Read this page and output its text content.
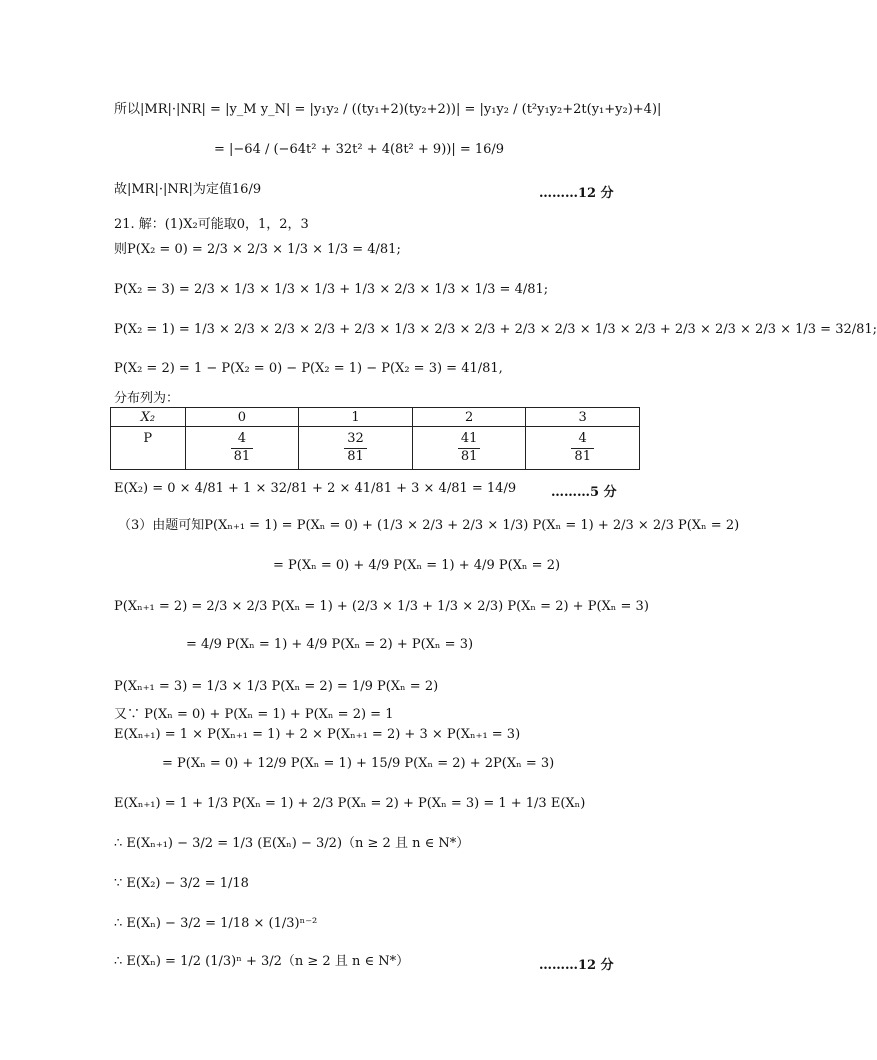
所以|MR|·|NR| = |y_M y_N| = |y₁y₂ / ((ty₁+2)(ty₂+2))| = |y₁y₂ / (t²y₁y₂+2t(y₁+y₂)+4)|
= |−64 / (−64t² + 32t² + 4(8t² + 9))| = 16/9
故|MR|·|NR|为定值16/9	………12 分
21. 解：(1)X₂可能取0，1，2，3
则P(X₂ = 0) = 2/3 × 2/3 × 1/3 × 1/3 = 4/81;
P(X₂ = 3) = 2/3 × 1/3 × 1/3 × 1/3 + 1/3 × 2/3 × 1/3 × 1/3 = 4/81;
P(X₂ = 1) = 1/3 × 2/3 × 2/3 × 2/3 + 2/3 × 1/3 × 2/3 × 2/3 + 2/3 × 2/3 × 1/3 × 2/3 + 2/3 × 2/3 × 2/3 × 1/3 = 32/81;
P(X₂ = 2) = 1 − P(X₂ = 0) − P(X₂ = 1) − P(X₂ = 3) = 41/81,
分布列为：
X₂	0	1	2	3
P	$\frac{4}{81}$	$\frac{32}{81}$	$\frac{41}{81}$	$\frac{4}{81}$
E(X₂) = 0 × 4/81 + 1 × 32/81 + 2 × 41/81 + 3 × 4/81 = 14/9	………5 分
（3）由题可知P(Xₙ₊₁ = 1) = P(Xₙ = 0) + (1/3 × 2/3 + 2/3 × 1/3) P(Xₙ = 1) + 2/3 × 2/3 P(Xₙ = 2)
= P(Xₙ = 0) + 4/9 P(Xₙ = 1) + 4/9 P(Xₙ = 2)
P(Xₙ₊₁ = 2) = 2/3 × 2/3 P(Xₙ = 1) + (2/3 × 1/3 + 1/3 × 2/3) P(Xₙ = 2) + P(Xₙ = 3)
= 4/9 P(Xₙ = 1) + 4/9 P(Xₙ = 2) + P(Xₙ = 3)
P(Xₙ₊₁ = 3) = 1/3 × 1/3 P(Xₙ = 2) = 1/9 P(Xₙ = 2)
又∵ P(Xₙ = 0) + P(Xₙ = 1) + P(Xₙ = 2) = 1
E(Xₙ₊₁) = 1 × P(Xₙ₊₁ = 1) + 2 × P(Xₙ₊₁ = 2) + 3 × P(Xₙ₊₁ = 3)
= P(Xₙ = 0) + 12/9 P(Xₙ = 1) + 15/9 P(Xₙ = 2) + 2P(Xₙ = 3)
E(Xₙ₊₁) = 1 + 1/3 P(Xₙ = 1) + 2/3 P(Xₙ = 2) + P(Xₙ = 3) = 1 + 1/3 E(Xₙ)
∴ E(Xₙ₊₁) − 3/2 = 1/3 (E(Xₙ) − 3/2)（n ≥ 2 且 n ∈ N*）
∵ E(X₂) − 3/2 = 1/18
∴ E(Xₙ) − 3/2 = 1/18 × (1/3)ⁿ⁻²
∴ E(Xₙ) = 1/2 (1/3)ⁿ + 3/2（n ≥ 2 且 n ∈ N*）	………12 分
